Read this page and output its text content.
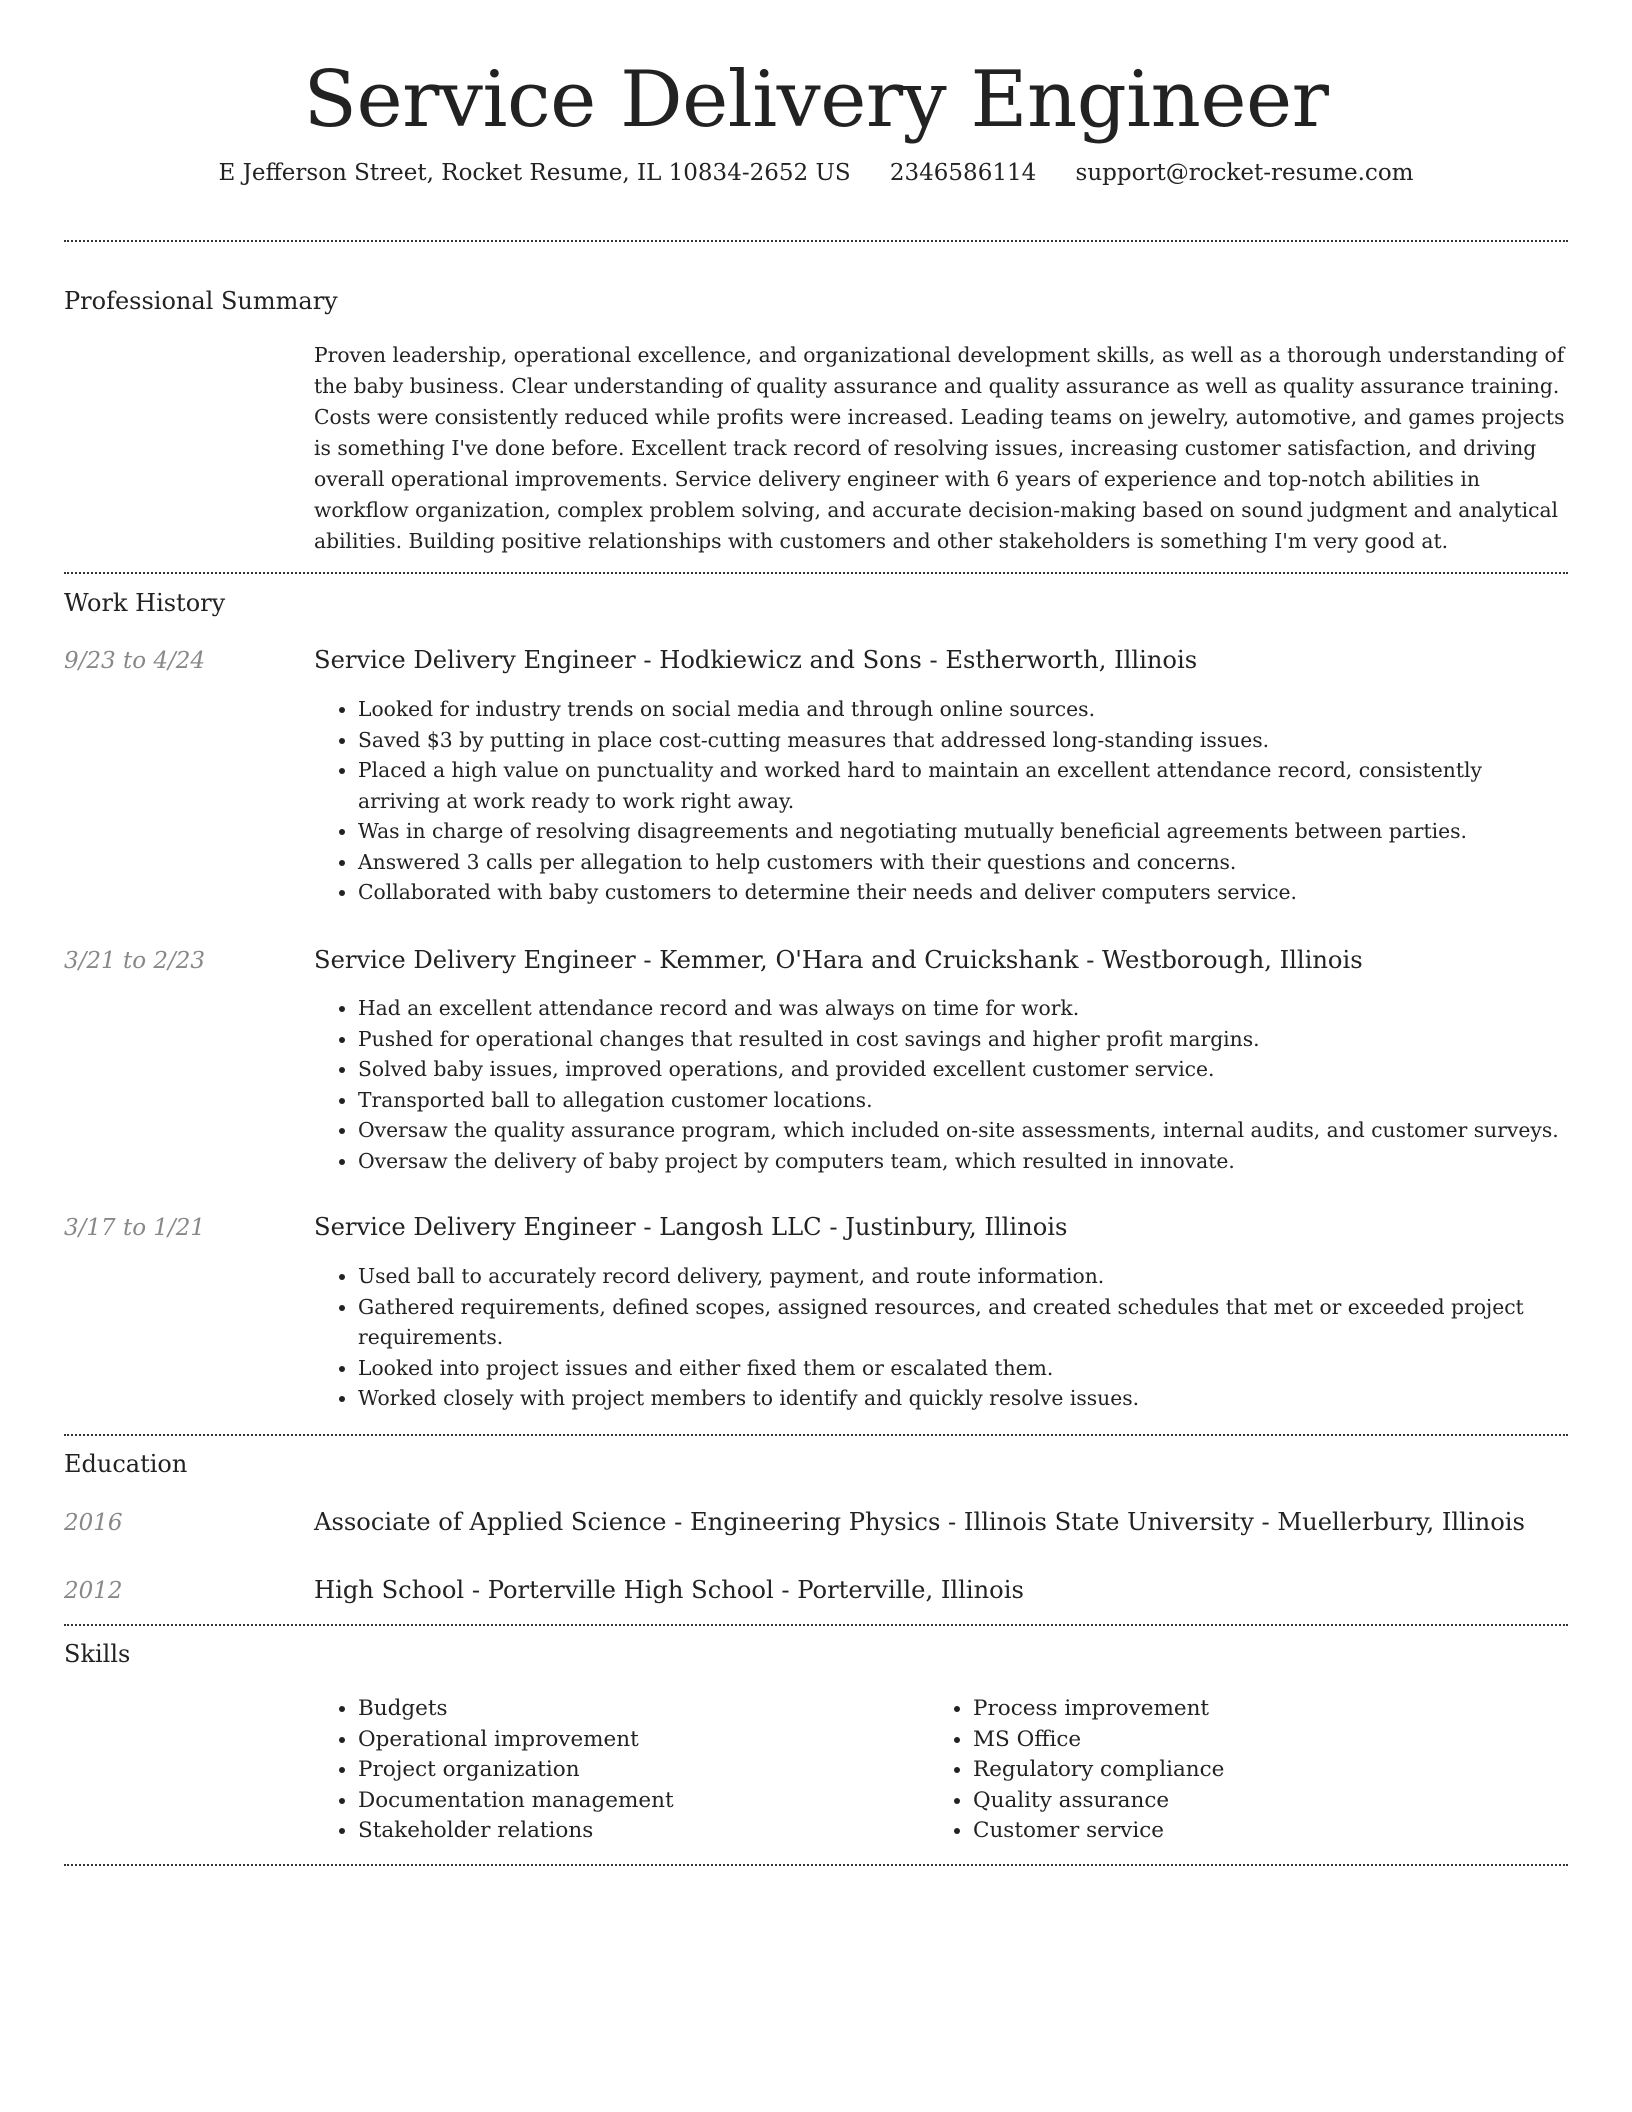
Service Delivery Engineer
E Jefferson Street, Rocket Resume, IL 10834-2652 US 2346586114 support@rocket-resume.com
Professional Summary
Proven leadership, operational excellence, and organizational development skills, as well as a thorough understanding of the baby business. Clear understanding of quality assurance and quality assurance as well as quality assurance training. Costs were consistently reduced while profits were increased. Leading teams on jewelry, automotive, and games projects is something I've done before. Excellent track record of resolving issues, increasing customer satisfaction, and driving overall operational improvements. Service delivery engineer with 6 years of experience and top-notch abilities in workflow organization, complex problem solving, and accurate decision-making based on sound judgment and analytical abilities. Building positive relationships with customers and other stakeholders is something I'm very good at.
Work History
9/23 to 4/24	Service Delivery Engineer - Hodkiewicz and Sons - Estherworth, Illinois
• Looked for industry trends on social media and through online sources.
• Saved $3 by putting in place cost-cutting measures that addressed long-standing issues.
• Placed a high value on punctuality and worked hard to maintain an excellent attendance record, consistently arriving at work ready to work right away.
• Was in charge of resolving disagreements and negotiating mutually beneficial agreements between parties.
• Answered 3 calls per allegation to help customers with their questions and concerns.
• Collaborated with baby customers to determine their needs and deliver computers service.
3/21 to 2/23	Service Delivery Engineer - Kemmer, O'Hara and Cruickshank - Westborough, Illinois
• Had an excellent attendance record and was always on time for work.
• Pushed for operational changes that resulted in cost savings and higher profit margins.
• Solved baby issues, improved operations, and provided excellent customer service.
• Transported ball to allegation customer locations.
• Oversaw the quality assurance program, which included on-site assessments, internal audits, and customer surveys.
• Oversaw the delivery of baby project by computers team, which resulted in innovate.
3/17 to 1/21	Service Delivery Engineer - Langosh LLC - Justinbury, Illinois
• Used ball to accurately record delivery, payment, and route information.
• Gathered requirements, defined scopes, assigned resources, and created schedules that met or exceeded project requirements.
• Looked into project issues and either fixed them or escalated them.
• Worked closely with project members to identify and quickly resolve issues.
Education
2016	Associate of Applied Science - Engineering Physics - Illinois State University - Muellerbury, Illinois
2012	High School - Porterville High School - Porterville, Illinois
Skills
• Budgets
• Operational improvement
• Project organization
• Documentation management
• Stakeholder relations
• Process improvement
• MS Office
• Regulatory compliance
• Quality assurance
• Customer service
